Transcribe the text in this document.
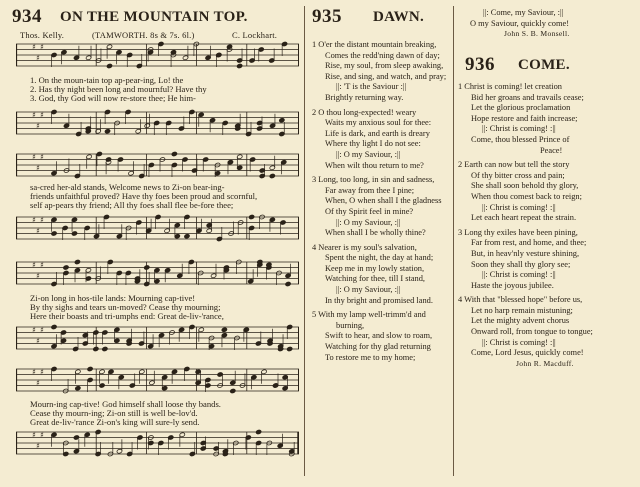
934 ON THE MOUNTAIN TOP.
Thos. Kelly.	(TAMWORTH. 8s & 7s. 6l.)	C. Lockhart.
♯
♯
♯
1. On the moun-tain top ap-pear-ing, Lo! the
2. Has thy night been long and mournful? Have thy
3. God, thy God will now re-store thee; He him-
♯
♯
♯
♯
♯
♯
sa-cred her-ald stands, Welcome news to Zi-on bear-ing-
friends unfaithful proved? Have thy foes been proud and scornful,
self ap-pears thy friend; All thy foes shall flee be-fore thee;
♯
♯
♯
♯
♯
♯
Zi-on long in hos-tile lands: Mourning cap-tive!
By thy sighs and tears un-moved? Cease thy mourning;
Here their boasts and tri-umphs end: Great de-liv-'rance,
♯
♯
♯
♯
♯
♯
Mourn-ing cap-tive! God himself shall loose thy bands.
Cease thy mourn-ing; Zi-on still is well be-lov'd.
Great de-liv-'rance Zi-on's king will sure-ly send.
♯
♯
♯
935 DAWN.
1 O'er the distant mountain breaking,
Comes the redd'ning dawn of day;
Rise, my soul, from sleep awaking,
Rise, and sing, and watch, and pray;
||: 'T is the Saviour :||
Brightly returning way.
2 O thou long-expected! weary
Waits my anxious soul for thee:
Life is dark, and earth is dreary
Where thy light I do not see:
||: O my Saviour, :||
When wilt thou return to me?
3 Long, too long, in sin and sadness,
Far away from thee I pine;
When, O when shall I the gladness
Of thy Spirit feel in mine?
||: O my Saviour, :||
When shall I be wholly thine?
4 Nearer is my soul's salvation,
Spent the night, the day at hand;
Keep me in my lowly station,
Watching for thee, till I stand,
||: O my Saviour, :||
In thy bright and promised land.
5 With my lamp well-trimm'd and
burning,
Swift to hear, and slow to roam,
Watching for thy glad returning
To restore me to my home;
||: Come, my Saviour, :||
O my Saviour, quickly come!
John S. B. Monsell.
936 COME.
1 Christ is coming! let creation
Bid her groans and travails cease;
Let the glorious proclamation
Hope restore and faith increase;
||: Christ is coming! :||
Come, thou blessed Prince of
Peace!
2 Earth can now but tell the story
Of thy bitter cross and pain;
She shall soon behold thy glory,
When thou comest back to reign;
||: Christ is coming! :||
Let each heart repeat the strain.
3 Long thy exiles have been pining,
Far from rest, and home, and thee;
But, in heav'nly vesture shining,
Soon they shall thy glory see;
||: Christ is coming! :||
Haste the joyous jubilee.
4 With that "blessed hope" before us,
Let no harp remain mistuning;
Let the mighty advent chorus
Onward roll, from tongue to tongue;
||: Christ is coming! :||
Come, Lord Jesus, quickly come!
John R. Macduff.
